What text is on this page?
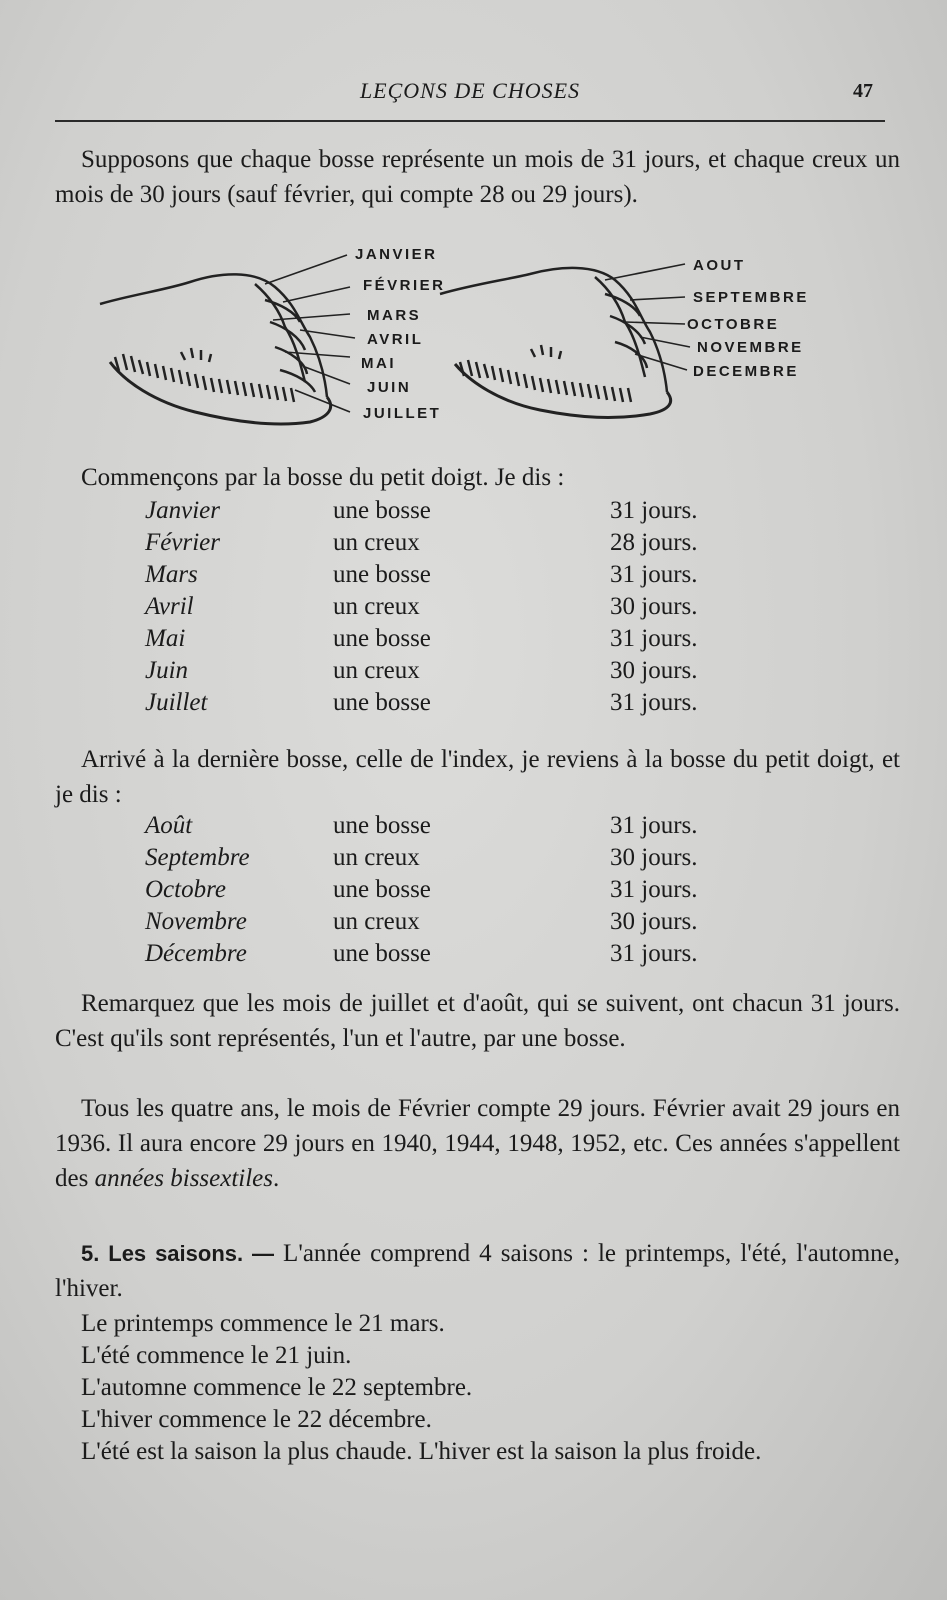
LEÇONS DE CHOSES	47
Supposons que chaque bosse représente un mois de 31 jours, et chaque creux un mois de 30 jours (sauf février, qui compte 28 ou 29 jours).
JANVIER
FÉVRIER
MARS
AVRIL
MAI
JUIN
JUILLET
AOUT
SEPTEMBRE
OCTOBRE
NOVEMBRE
DECEMBRE
Commençons par la bosse du petit doigt. Je dis :
Janvier	une bosse	31 jours.
Février	un creux	28 jours.
Mars	une bosse	31 jours.
Avril	un creux	30 jours.
Mai	une bosse	31 jours.
Juin	un creux	30 jours.
Juillet	une bosse	31 jours.
Arrivé à la dernière bosse, celle de l'index, je reviens à la bosse du petit doigt, et je dis :
Août	une bosse	31 jours.
Septembre	un creux	30 jours.
Octobre	une bosse	31 jours.
Novembre	un creux	30 jours.
Décembre	une bosse	31 jours.
Remarquez que les mois de juillet et d'août, qui se suivent, ont chacun 31 jours. C'est qu'ils sont représentés, l'un et l'autre, par une bosse.
Tous les quatre ans, le mois de Février compte 29 jours. Février avait 29 jours en 1936. Il aura encore 29 jours en 1940, 1944, 1948, 1952, etc. Ces années s'appellent des années bissextiles.
5. Les saisons. — L'année comprend 4 saisons : le printemps, l'été, l'automne, l'hiver.
Le printemps commence le 21 mars.
L'été commence le 21 juin.
L'automne commence le 22 septembre.
L'hiver commence le 22 décembre.
L'été est la saison la plus chaude. L'hiver est la saison la plus froide.
